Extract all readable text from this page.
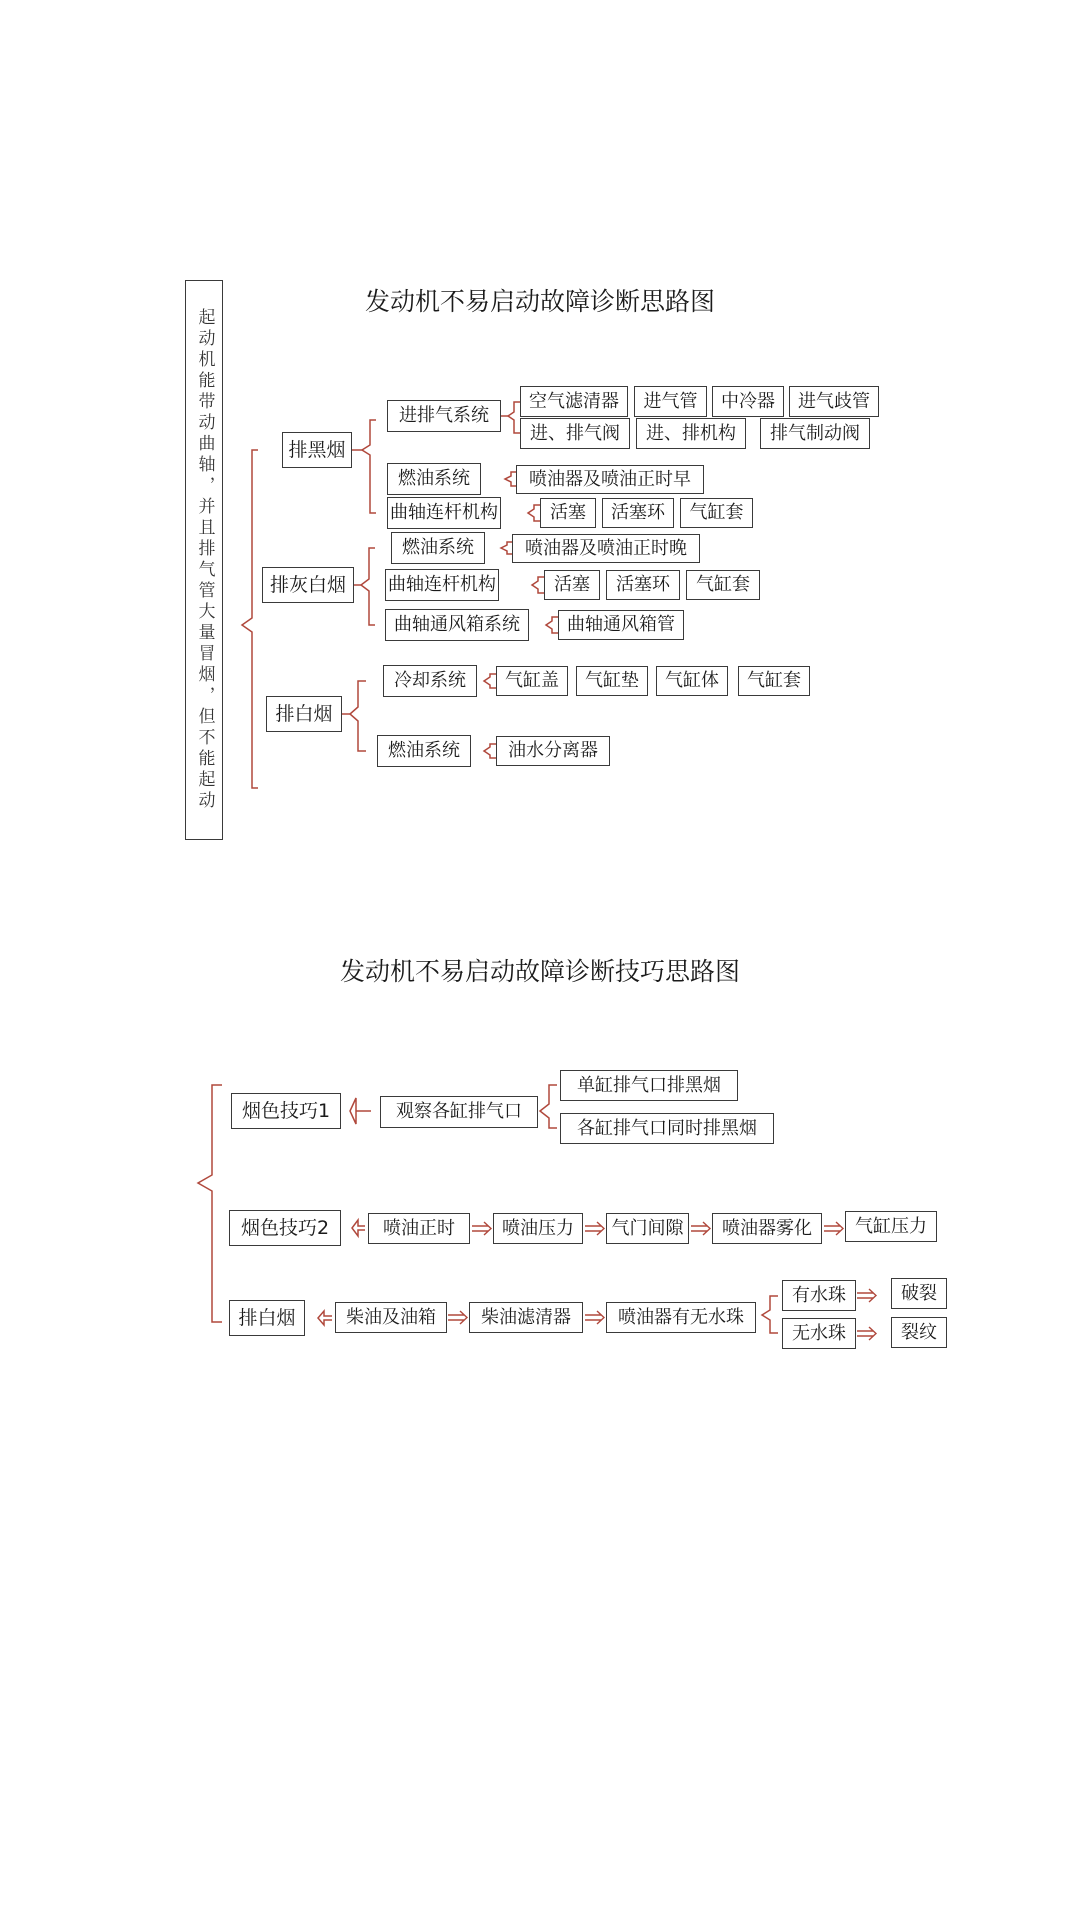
发动机不易启动故障诊断思路图
起动机能带动曲轴，并且排气管大量冒烟，但不能起动	排黑烟
排灰白烟
排白烟
进排气系统
燃油系统
曲轴连杆机构
空气滤清器	进气管	中冷器	进气歧管
进、排气阀	进、排机构	排气制动阀
喷油器及喷油正时早
活塞	活塞环	气缸套
燃油系统
曲轴连杆机构
曲轴通风箱系统
喷油器及喷油正时晚
活塞	活塞环	气缸套
曲轴通风箱管
冷却系统
燃油系统
气缸盖	气缸垫	气缸体	气缸套
油水分离器
发动机不易启动故障诊断技巧思路图
烟色技巧1
烟色技巧2
排白烟
观察各缸排气口
单缸排气口排黑烟
各缸排气口同时排黑烟
喷油正时	喷油压力	气门间隙	喷油器雾化	气缸压力
柴油及油箱	柴油滤清器	喷油器有无水珠
有水珠	破裂
无水珠	裂纹
